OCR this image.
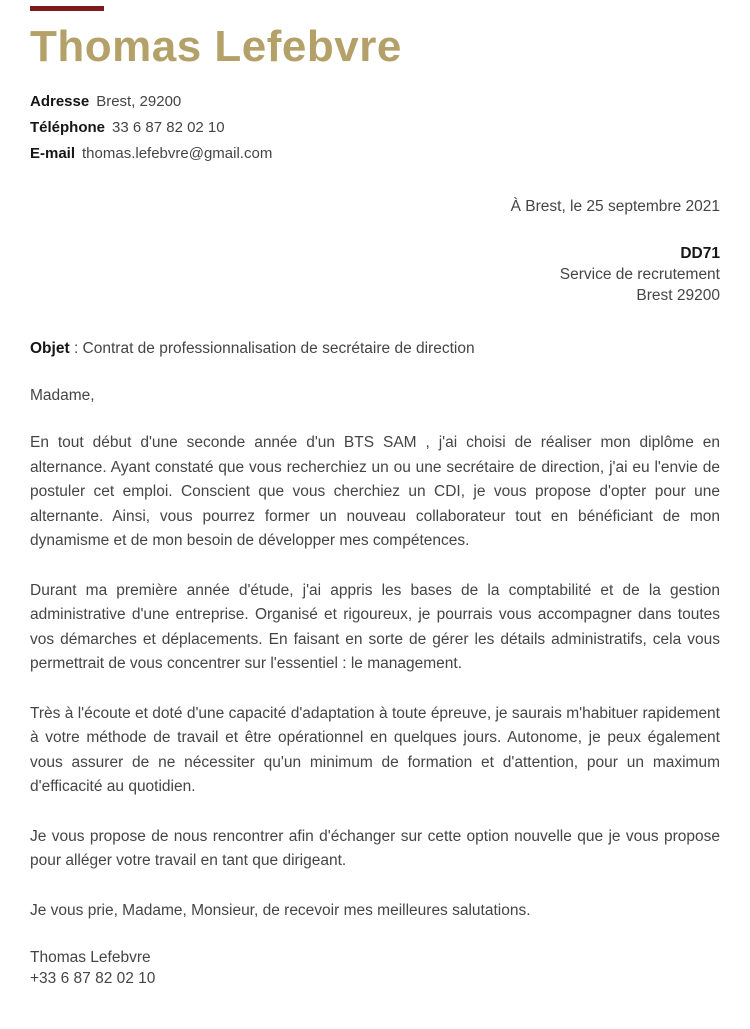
Thomas Lefebvre
Adresse Brest, 29200
Téléphone 33 6 87 82 02 10
E-mail thomas.lefebvre@gmail.com
À Brest, le 25 septembre 2021
DD71
Service de recrutement
Brest 29200

Objet : Contrat de professionnalisation de secrétaire de direction

Madame,

En tout début d'une seconde année d'un BTS SAM , j'ai choisi de réaliser mon diplôme en alternance. Ayant constaté que vous recherchiez un ou une secrétaire de direction, j'ai eu l'envie de postuler cet emploi. Conscient que vous cherchiez un CDI, je vous propose d'opter pour une alternante. Ainsi, vous pourrez former un nouveau collaborateur tout en bénéficiant de mon dynamisme et de mon besoin de développer mes compétences.

Durant ma première année d'étude, j'ai appris les bases de la comptabilité et de la gestion administrative d'une entreprise. Organisé et rigoureux, je pourrais vous accompagner dans toutes vos démarches et déplacements. En faisant en sorte de gérer les détails administratifs, cela vous permettrait de vous concentrer sur l'essentiel : le management.

Très à l'écoute et doté d'une capacité d'adaptation à toute épreuve, je saurais m'habituer rapidement à votre méthode de travail et être opérationnel en quelques jours. Autonome, je peux également vous assurer de ne nécessiter qu'un minimum de formation et d'attention, pour un maximum d'efficacité au quotidien.

Je vous propose de nous rencontrer afin d'échanger sur cette option nouvelle que je vous propose pour alléger votre travail en tant que dirigeant.

Je vous prie, Madame, Monsieur, de recevoir mes meilleures salutations.

Thomas Lefebvre
+33 6 87 82 02 10
